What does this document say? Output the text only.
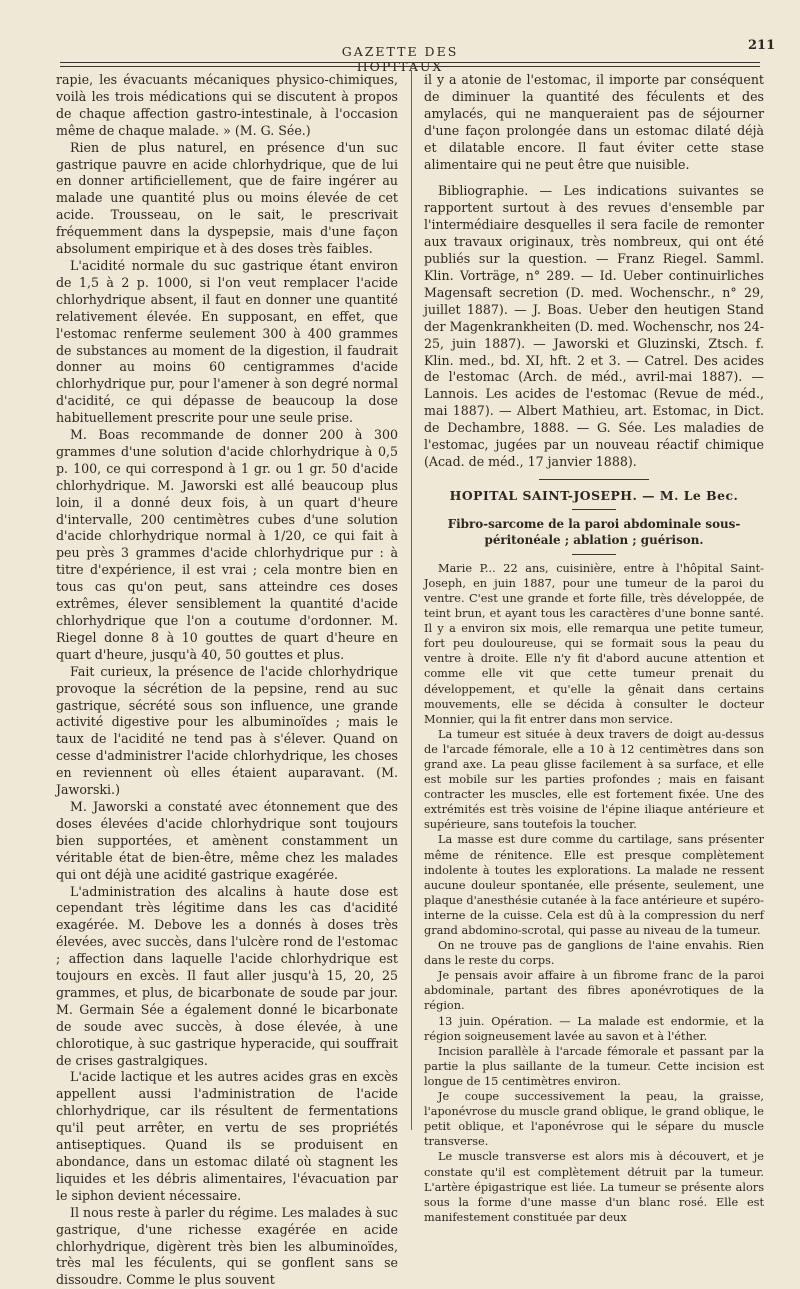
GAZETTE DES HOPITAUX
211

rapie, les évacuants mécaniques physico-chimiques, voilà les trois médications qui se discutent à propos de chaque affection gastro-intestinale, à l'occasion même de chaque malade. » (M. G. Sée.)

Rien de plus naturel, en présence d'un suc gastrique pauvre en acide chlorhydrique, que de lui en donner artificiellement, que de faire ingérer au malade une quantité plus ou moins élevée de cet acide. Trousseau, on le sait, le prescrivait fréquemment dans la dyspepsie, mais d'une façon absolument empirique et à des doses très faibles.

L'acidité normale du suc gastrique étant environ de 1,5 à 2 p. 1000, si l'on veut remplacer l'acide chlorhydrique absent, il faut en donner une quantité relativement élevée. En supposant, en effet, que l'estomac renferme seulement 300 à 400 grammes de substances au moment de la digestion, il faudrait donner au moins 60 centigrammes d'acide chlorhydrique pur, pour l'amener à son degré normal d'acidité, ce qui dépasse de beaucoup la dose habituellement prescrite pour une seule prise.

M. Boas recommande de donner 200 à 300 grammes d'une solution d'acide chlorhydrique à 0,5 p. 100, ce qui correspond à 1 gr. ou 1 gr. 50 d'acide chlorhydrique. M. Jaworski est allé beaucoup plus loin, il a donné deux fois, à un quart d'heure d'intervalle, 200 centimètres cubes d'une solution d'acide chlorhydrique normal à 1/20, ce qui fait à peu près 3 grammes d'acide chlorhydrique pur : à titre d'expérience, il est vrai ; cela montre bien en tous cas qu'on peut, sans atteindre ces doses extrêmes, élever sensiblement la quantité d'acide chlorhydrique que l'on a coutume d'ordonner. M. Riegel donne 8 à 10 gouttes de quart d'heure en quart d'heure, jusqu'à 40, 50 gouttes et plus.

Fait curieux, la présence de l'acide chlorhydrique provoque la sécrétion de la pepsine, rend au suc gastrique, sécrété sous son influence, une grande activité digestive pour les albuminoïdes ; mais le taux de l'acidité ne tend pas à s'élever. Quand on cesse d'administrer l'acide chlorhydrique, les choses en reviennent où elles étaient auparavant. (M. Jaworski.)

M. Jaworski a constaté avec étonnement que des doses élevées d'acide chlorhydrique sont toujours bien supportées, et amènent constamment un véritable état de bien-être, même chez les malades qui ont déjà une acidité gastrique exagérée.

L'administration des alcalins à haute dose est cependant très légitime dans les cas d'acidité exagérée. M. Debove les a donnés à doses très élevées, avec succès, dans l'ulcère rond de l'estomac ; affection dans laquelle l'acide chlorhydrique est toujours en excès. Il faut aller jusqu'à 15, 20, 25 grammes, et plus, de bicarbonate de soude par jour. M. Germain Sée a également donné le bicarbonate de soude avec succès, à dose élevée, à une chlorotique, à suc gastrique hyperacide, qui souffrait de crises gastralgiques.

L'acide lactique et les autres acides gras en excès appellent aussi l'administration de l'acide chlorhydrique, car ils résultent de fermentations qu'il peut arrêter, en vertu de ses propriétés antiseptiques. Quand ils se produisent en abondance, dans un estomac dilaté où stagnent les liquides et les débris alimentaires, l'évacuation par le siphon devient nécessaire.

Il nous reste à parler du régime. Les malades à suc gastrique, d'une richesse exagérée en acide chlorhydrique, digèrent très bien les albuminoïdes, très mal les féculents, qui se gonflent sans se dissoudre. Comme le plus souvent

il y a atonie de l'estomac, il importe par conséquent de diminuer la quantité des féculents et des amylacés, qui ne manqueraient pas de séjourner d'une façon prolongée dans un estomac dilaté déjà et dilatable encore. Il faut éviter cette stase alimentaire qui ne peut être que nuisible.

Bibliographie. — Les indications suivantes se rapportent surtout à des revues d'ensemble par l'intermédiaire desquelles il sera facile de remonter aux travaux originaux, très nombreux, qui ont été publiés sur la question. — Franz Riegel. Samml. Klin. Vorträge, n° 289. — Id. Ueber continuirliches Magensaft secretion (D. med. Wochenschr., n° 29, juillet 1887). — J. Boas. Ueber den heutigen Stand der Magenkrankheiten (D. med. Wochenschr, nos 24-25, juin 1887). — Jaworski et Gluzinski, Ztsch. f. Klin. med., bd. XI, hft. 2 et 3. — Catrel. Des acides de l'estomac (Arch. de méd., avril-mai 1887). — Lannois. Les acides de l'estomac (Revue de méd., mai 1887). — Albert Mathieu, art. Estomac, in Dict. de Dechambre, 1888. — G. Sée. Les maladies de l'estomac, jugées par un nouveau réactif chimique (Acad. de méd., 17 janvier 1888).

HOPITAL SAINT-JOSEPH. — M. Le Bec.
Fibro-sarcome de la paroi abdominale sous-péritonéale ; ablation ; guérison.

Marie P... 22 ans, cuisinière, entre à l'hôpital Saint-Joseph, en juin 1887, pour une tumeur de la paroi du ventre. C'est une grande et forte fille, très développée, de teint brun, et ayant tous les caractères d'une bonne santé. Il y a environ six mois, elle remarqua une petite tumeur, fort peu douloureuse, qui se formait sous la peau du ventre à droite. Elle n'y fit d'abord aucune attention et comme elle vit que cette tumeur prenait du développement, et qu'elle la gênait dans certains mouvements, elle se décida à consulter le docteur Monnier, qui la fit entrer dans mon service.

La tumeur est située à deux travers de doigt au-dessus de l'arcade fémorale, elle a 10 à 12 centimètres dans son grand axe. La peau glisse facilement à sa surface, et elle est mobile sur les parties profondes ; mais en faisant contracter les muscles, elle est fortement fixée. Une des extrémités est très voisine de l'épine iliaque antérieure et supérieure, sans toutefois la toucher.

La masse est dure comme du cartilage, sans présenter même de rénitence. Elle est presque complètement indolente à toutes les explorations. La malade ne ressent aucune douleur spontanée, elle présente, seulement, une plaque d'anesthésie cutanée à la face antérieure et supéro-interne de la cuisse. Cela est dû à la compression du nerf grand abdomino-scrotal, qui passe au niveau de la tumeur.

On ne trouve pas de ganglions de l'aine envahis. Rien dans le reste du corps.

Je pensais avoir affaire à un fibrome franc de la paroi abdominale, partant des fibres aponévrotiques de la région.

13 juin. Opération. — La malade est endormie, et la région soigneusement lavée au savon et à l'éther.

Incision parallèle à l'arcade fémorale et passant par la partie la plus saillante de la tumeur. Cette incision est longue de 15 centimètres environ.

Je coupe successivement la peau, la graisse, l'aponévrose du muscle grand oblique, le grand oblique, le petit oblique, et l'aponévrose qui le sépare du muscle transverse.

Le muscle transverse est alors mis à découvert, et je constate qu'il est complètement détruit par la tumeur. L'artère épigastrique est liée. La tumeur se présente alors sous la forme d'une masse d'un blanc rosé. Elle est manifestement constituée par deux
